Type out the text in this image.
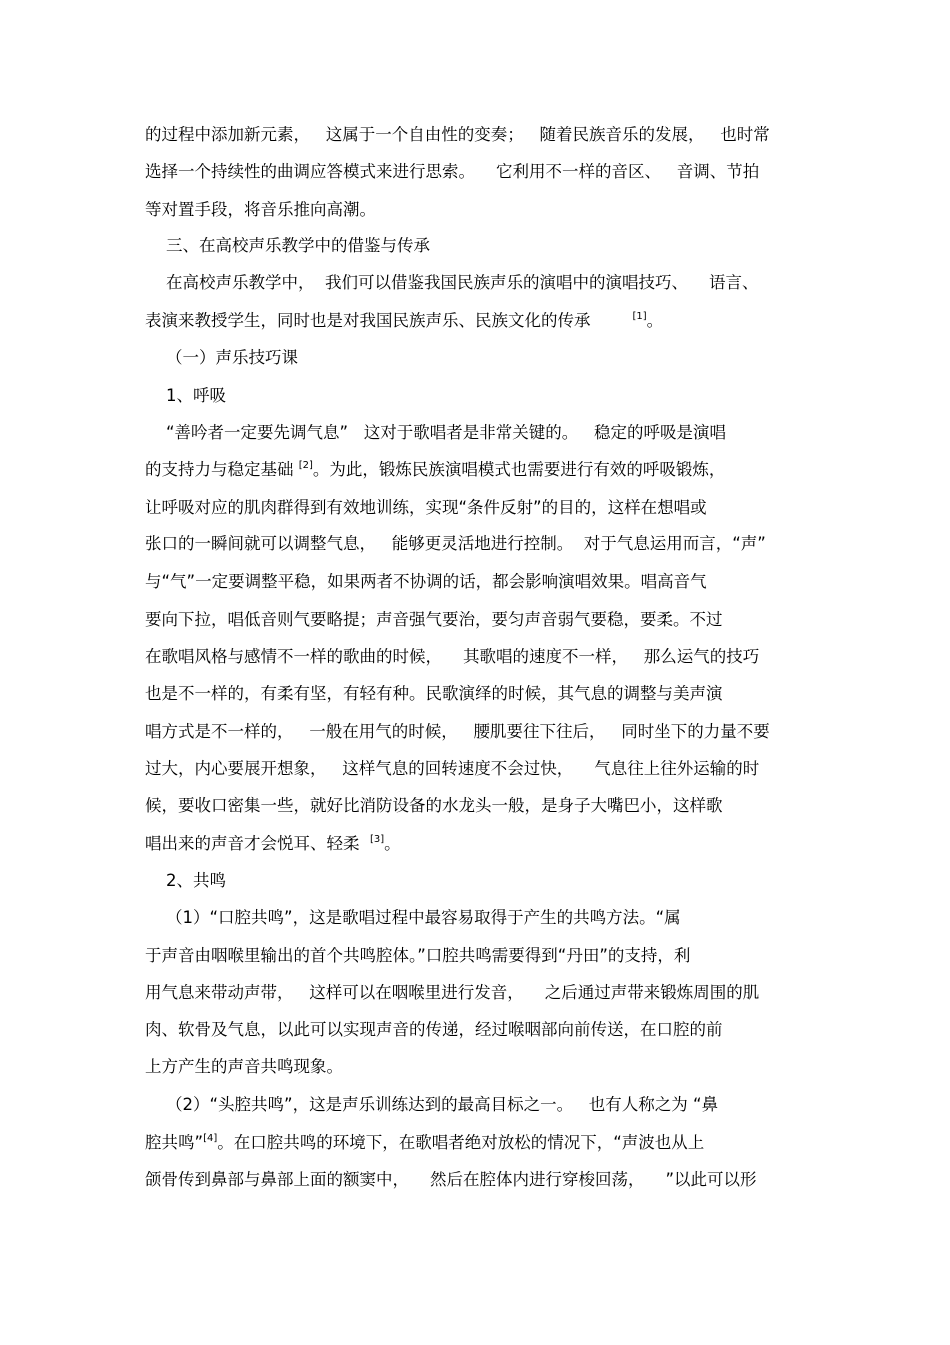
的过程中添加新元素，   这属于一个自由性的变奏；   随着民族音乐的发展，   也时常
选择一个持续性的曲调应答模式来进行思索。    它利用不一样的音区、   音调、节拍
等对置手段，将音乐推向高潮。
三、在高校声乐教学中的借鉴与传承
在高校声乐教学中，  我们可以借鉴我国民族声乐的演唱中的演唱技巧、    语言、
表演来教授学生，同时也是对我国民族声乐、民族文化的传承        [1]。
（一）声乐技巧课
1、呼吸
“善吟者一定要先调气息”   这对于歌唱者是非常关键的。   稳定的呼吸是演唱
的支持力与稳定基础 [2]。为此，锻炼民族演唱模式也需要进行有效的呼吸锻炼，
让呼吸对应的肌肉群得到有效地训练，实现“条件反射”的目的，这样在想唱或
张口的一瞬间就可以调整气息，   能够更灵活地进行控制。  对于气息运用而言，“声”
与“气”一定要调整平稳，如果两者不协调的话，都会影响演唱效果。唱高音气
要向下拉，唱低音则气要略提；声音强气要治，要匀声音弱气要稳，要柔。不过
在歌唱风格与感情不一样的歌曲的时候，    其歌唱的速度不一样，   那么运气的技巧
也是不一样的，有柔有坚，有轻有种。民歌演绎的时候，其气息的调整与美声演
唱方式是不一样的，   一般在用气的时候，   腰肌要往下往后，   同时坐下的力量不要
过大，内心要展开想象，   这样气息的回转速度不会过快，    气息往上往外运输的时
候，要收口密集一些，就好比消防设备的水龙头一般，是身子大嘴巴小，这样歌
唱出来的声音才会悦耳、轻柔  [3]。
2、共鸣
（1）“口腔共鸣”，这是歌唱过程中最容易取得于产生的共鸣方法。“属
于声音由咽喉里输出的首个共鸣腔体。”口腔共鸣需要得到“丹田”的支持，利
用气息来带动声带，   这样可以在咽喉里进行发音，    之后通过声带来锻炼周围的肌
肉、软骨及气息，以此可以实现声音的传递，经过喉咽部向前传送，在口腔的前
上方产生的声音共鸣现象。
（2）“头腔共鸣”，这是声乐训练达到的最高目标之一。   也有人称之为 “鼻
腔共鸣”[4]。在口腔共鸣的环境下，在歌唱者绝对放松的情况下，“声波也从上
颌骨传到鼻部与鼻部上面的额窦中，    然后在腔体内进行穿梭回荡，    ”以此可以形
